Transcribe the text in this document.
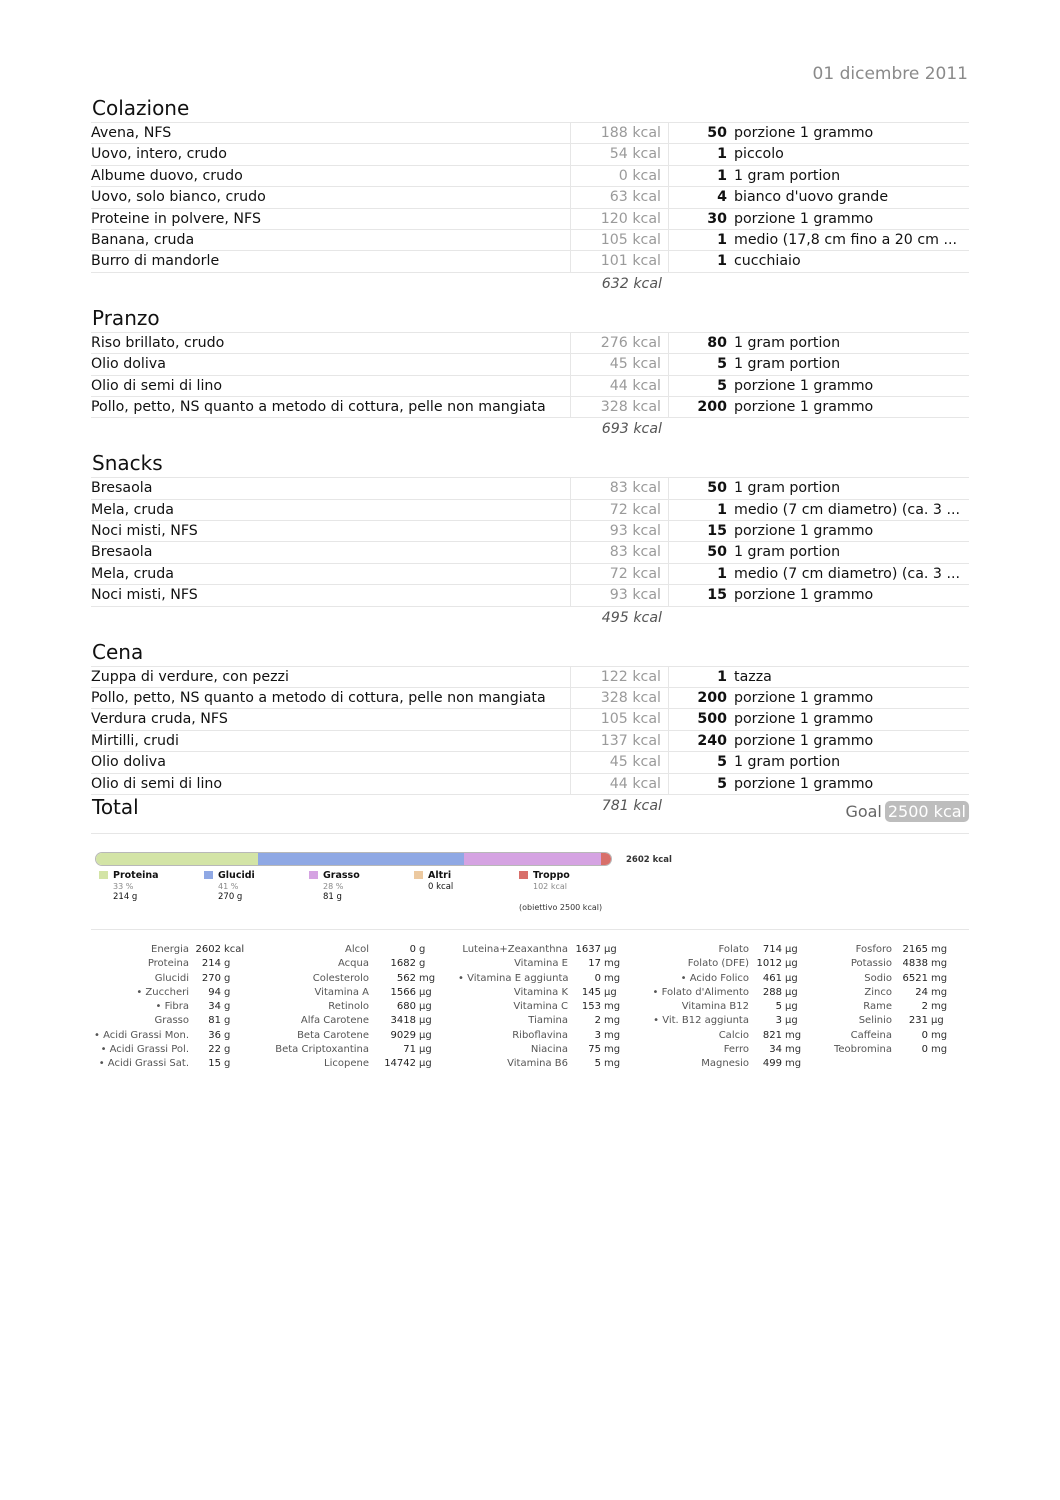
01 dicembre 2011
Colazione
Avena, NFS	188 kcal	50 porzione 1 grammo
Uovo, intero, crudo	54 kcal	1 piccolo
Albume duovo, crudo	0 kcal	1 1 gram portion
Uovo, solo bianco, crudo	63 kcal	4 bianco d'uovo grande
Proteine in polvere, NFS	120 kcal	30 porzione 1 grammo
Banana, cruda	105 kcal	1 medio (17,8 cm fino a 20 cm ...
Burro di mandorle	101 kcal	1 cucchiaio
632 kcal
Pranzo
Riso brillato, crudo	276 kcal	80 1 gram portion
Olio doliva	45 kcal	5 1 gram portion
Olio di semi di lino	44 kcal	5 porzione 1 grammo
Pollo, petto, NS quanto a metodo di cottura, pelle non mangiata	328 kcal	200 porzione 1 grammo
693 kcal
Snacks
Bresaola	83 kcal	50 1 gram portion
Mela, cruda	72 kcal	1 medio (7 cm diametro) (ca. 3 ...
Noci misti, NFS	93 kcal	15 porzione 1 grammo
Bresaola	83 kcal	50 1 gram portion
Mela, cruda	72 kcal	1 medio (7 cm diametro) (ca. 3 ...
Noci misti, NFS	93 kcal	15 porzione 1 grammo
495 kcal
Cena
Zuppa di verdure, con pezzi	122 kcal	1 tazza
Pollo, petto, NS quanto a metodo di cottura, pelle non mangiata	328 kcal	200 porzione 1 grammo
Verdura cruda, NFS	105 kcal	500 porzione 1 grammo
Mirtilli, crudi	137 kcal	240 porzione 1 grammo
Olio doliva	45 kcal	5 1 gram portion
Olio di semi di lino	44 kcal	5 porzione 1 grammo
781 kcal
Total	Goal 2500 kcal
2602 kcal
Proteina
33 %
214 g
Glucidi
41 %
270 g
Grasso
28 %
81 g
Altri
0 kcal
Troppo
102 kcal
(obiettivo 2500 kcal)
Energia 2602 kcal
Proteina	214 g
Glucidi	270 g
• Zuccheri	94 g
• Fibra	34 g
Grasso	81 g
• Acidi Grassi Mon.	36 g
• Acidi Grassi Pol.	22 g
• Acidi Grassi Sat.	15 g
Alcol	0 g
Acqua	1682 g
Colesterolo	562 mg
Vitamina A	1566 µg
Retinolo	680 µg
Alfa Carotene	3418 µg
Beta Carotene	9029 µg
Beta Criptoxantina	71 µg
Licopene	14742 µg
Luteina+Zeaxanthna 1637 µg
Vitamina E	17 mg
• Vitamina E aggiunta	0 mg
Vitamina K	145 µg
Vitamina C	153 mg
Tiamina	2 mg
Riboflavina	3 mg
Niacina	75 mg
Vitamina B6	5 mg
Folato	714 µg
Folato (DFE) 1012 µg
• Acido Folico	461 µg
• Folato d'Alimento	288 µg
Vitamina B12	5 µg
• Vit. B12 aggiunta	3 µg
Calcio	821 mg
Ferro	34 mg
Magnesio	499 mg
Fosforo	2165 mg
Potassio	4838 mg
Sodio	6521 mg
Zinco	24 mg
Rame	2 mg
Selinio	231 µg
Caffeina	0 mg
Teobromina	0 mg
